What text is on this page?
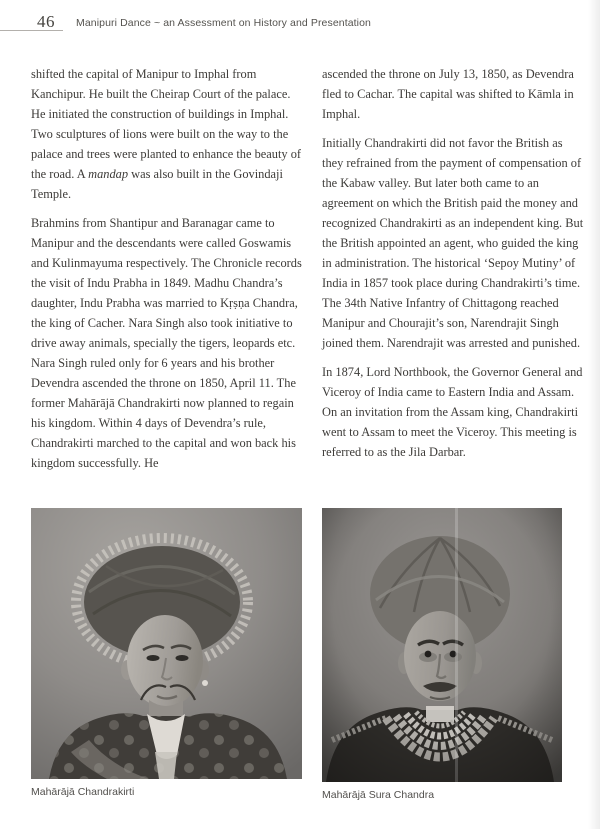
46 Manipuri Dance ~ an Assessment on History and Presentation

shifted the capital of Manipur to Imphal from Kanchipur. He built the Cheirap Court of the palace. He initiated the construction of buildings in Imphal. Two sculptures of lions were built on the way to the palace and trees were planted to enhance the beauty of the road. A mandap was also built in the Govindaji Temple.

Brahmins from Shantipur and Baranagar came to Manipur and the descendants were called Goswamis and Kulinmayuma respectively. The Chronicle records the visit of Indu Prabha in 1849. Madhu Chandra’s daughter, Indu Prabha was married to Kṛṣṇa Chandra, the king of Cacher. Nara Singh also took initiative to drive away animals, specially the tigers, leopards etc. Nara Singh ruled only for 6 years and his brother Devendra ascended the throne on 1850, April 11. The former Mahārājā Chandrakirti now planned to regain his kingdom. Within 4 days of Devendra’s rule, Chandrakirti marched to the capital and won back his kingdom successfully. He

ascended the throne on July 13, 1850, as Devendra fled to Cachar. The capital was shifted to Kāmla in Imphal.

Initially Chandrakirti did not favor the British as they refrained from the payment of compensation of the Kabaw valley. But later both came to an agreement on which the British paid the money and recognized Chandrakirti as an independent king. But the British appointed an agent, who guided the king in administration. The historical ‘Sepoy Mutiny’ of India in 1857 took place during Chandrakirti’s time. The 34th Native Infantry of Chittagong reached Manipur and Chourajit’s son, Narendrajit Singh joined them. Narendrajit was arrested and punished.

In 1874, Lord Northbook, the Governor General and Viceroy of India came to Eastern India and Assam. On an invitation from the Assam king, Chandrakirti went to Assam to meet the Viceroy. This meeting is referred to as the Jila Darbar.

Mahārājā Chandrakirti	Mahārājā Sura Chandra
